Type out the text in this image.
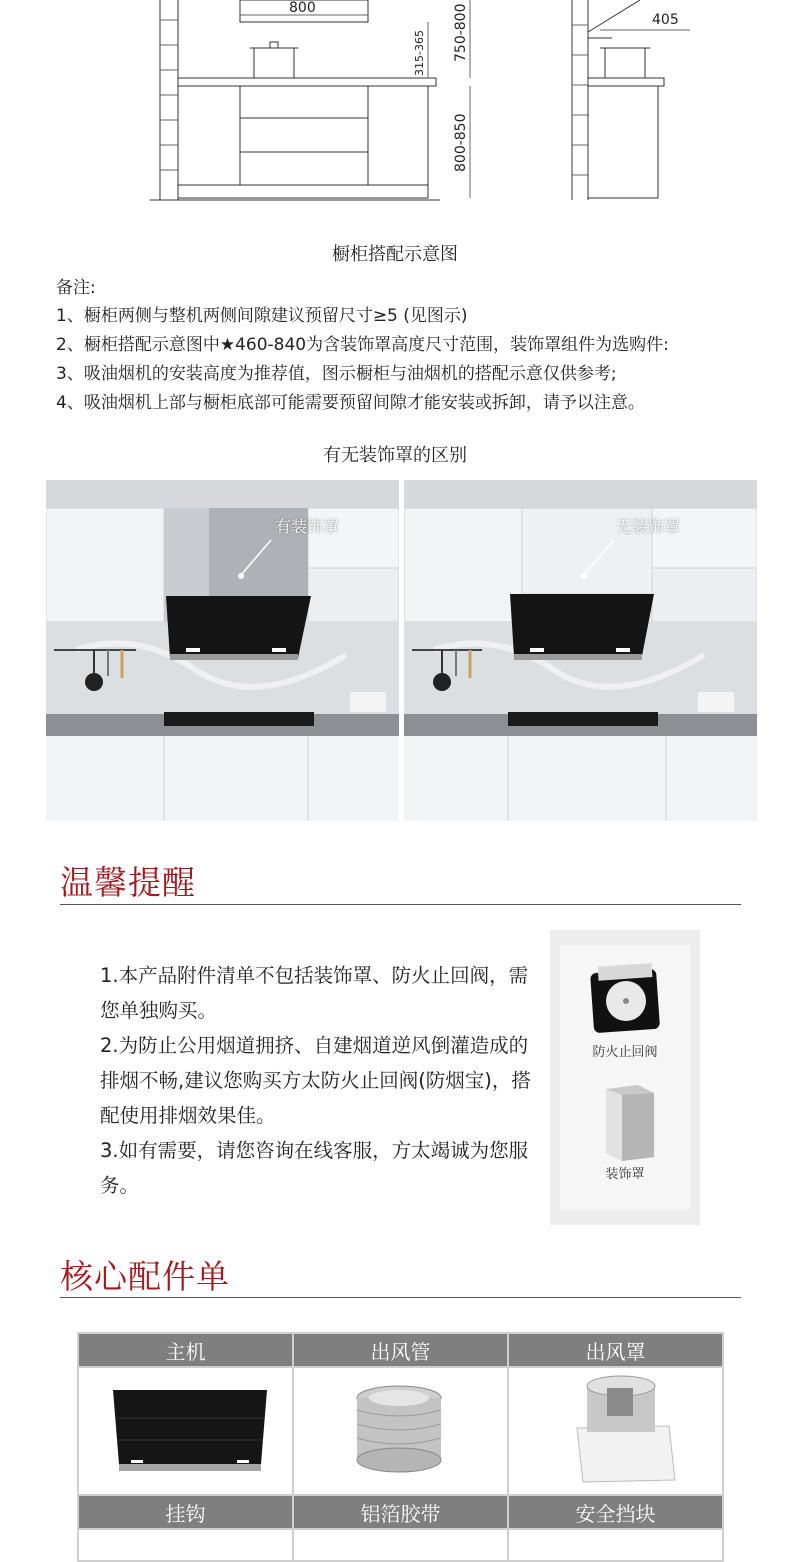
800
315-365 750-800
800-850
405
橱柜搭配示意图
备注:
1、橱柜两侧与整机两侧间隙建议预留尺寸≥5 (见图示)
2、橱柜搭配示意图中★460-840为含装饰罩高度尺寸范围，装饰罩组件为选购件:
3、吸油烟机的安装高度为推荐值，图示橱柜与油烟机的搭配示意仅供参考;
4、吸油烟机上部与橱柜底部可能需要预留间隙才能安装或拆卸，请予以注意。
有无装饰罩的区别
有装饰罩	无装饰罩
温馨提醒

1.本产品附件清单不包括装饰罩、防火止回阀，需您单独购买。

2.为防止公用烟道拥挤、自建烟道逆风倒灌造成的排烟不畅,建议您购买方太防火止回阀(防烟宝)，搭配使用排烟效果佳。

3.如有需要，请您咨询在线客服，方太竭诚为您服务。

防火止回阀
装饰罩
核心配件单
主机	出风管	出风罩

挂钩	铝箔胶带	安全挡块
